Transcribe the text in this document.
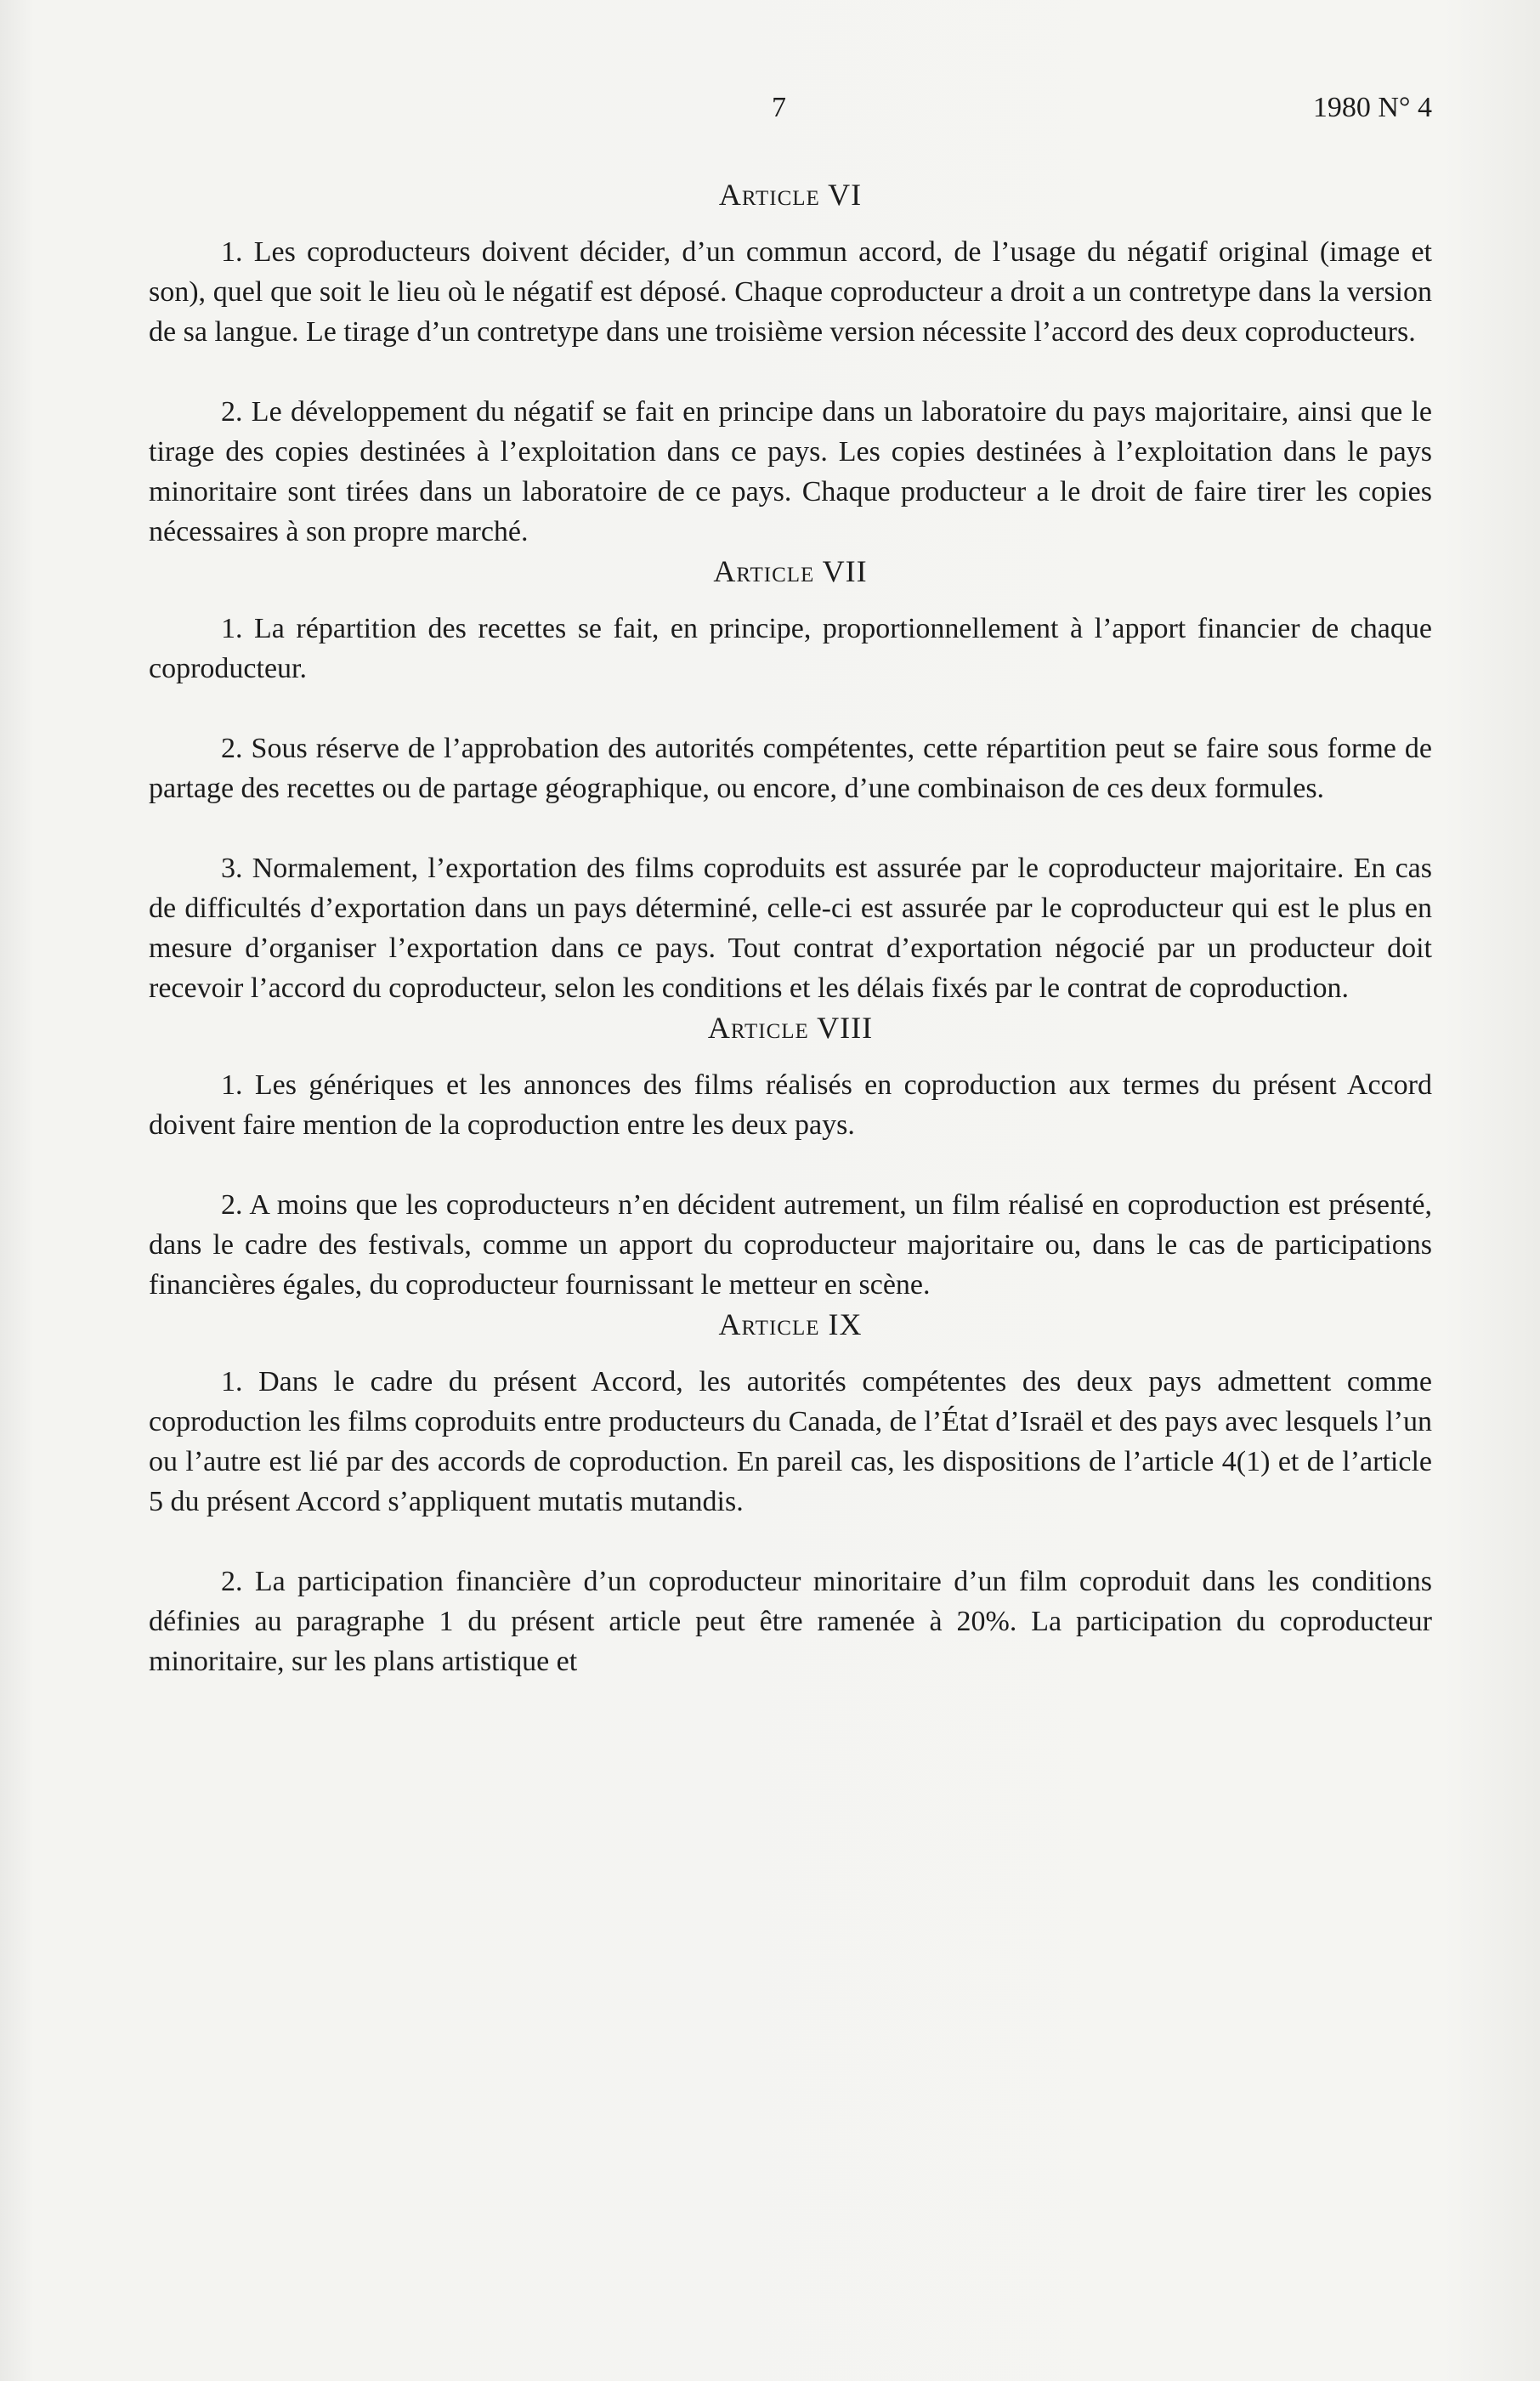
7	1980 N° 4
Article VI

1. Les coproducteurs doivent décider, d’un commun accord, de l’usage du négatif original (image et son), quel que soit le lieu où le négatif est déposé. Chaque coproducteur a droit a un contretype dans la version de sa langue. Le tirage d’un contretype dans une troisième version nécessite l’accord des deux coproducteurs.

2. Le développement du négatif se fait en principe dans un laboratoire du pays majoritaire, ainsi que le tirage des copies destinées à l’exploitation dans ce pays. Les copies destinées à l’exploitation dans le pays minoritaire sont tirées dans un laboratoire de ce pays. Chaque producteur a le droit de faire tirer les copies nécessaires à son propre marché.

Article VII

1. La répartition des recettes se fait, en principe, proportionnellement à l’apport financier de chaque coproducteur.

2. Sous réserve de l’approbation des autorités compétentes, cette répartition peut se faire sous forme de partage des recettes ou de partage géographique, ou encore, d’une combinaison de ces deux formules.

3. Normalement, l’exportation des films coproduits est assurée par le coproducteur majoritaire. En cas de difficultés d’exportation dans un pays déterminé, celle-ci est assurée par le coproducteur qui est le plus en mesure d’organiser l’exportation dans ce pays. Tout contrat d’exportation négocié par un producteur doit recevoir l’accord du coproducteur, selon les conditions et les délais fixés par le contrat de coproduction.

Article VIII

1. Les génériques et les annonces des films réalisés en coproduction aux termes du présent Accord doivent faire mention de la coproduction entre les deux pays.

2. A moins que les coproducteurs n’en décident autrement, un film réalisé en coproduction est présenté, dans le cadre des festivals, comme un apport du coproducteur majoritaire ou, dans le cas de participations financières égales, du coproducteur fournissant le metteur en scène.

Article IX

1. Dans le cadre du présent Accord, les autorités compétentes des deux pays admettent comme coproduction les films coproduits entre producteurs du Canada, de l’État d’Israël et des pays avec lesquels l’un ou l’autre est lié par des accords de coproduction. En pareil cas, les dispositions de l’article 4(1) et de l’article 5 du présent Accord s’appliquent mutatis mutandis.

2. La participation financière d’un coproducteur minoritaire d’un film coproduit dans les conditions définies au paragraphe 1 du présent article peut être ramenée à 20%. La participation du coproducteur minoritaire, sur les plans artistique et
